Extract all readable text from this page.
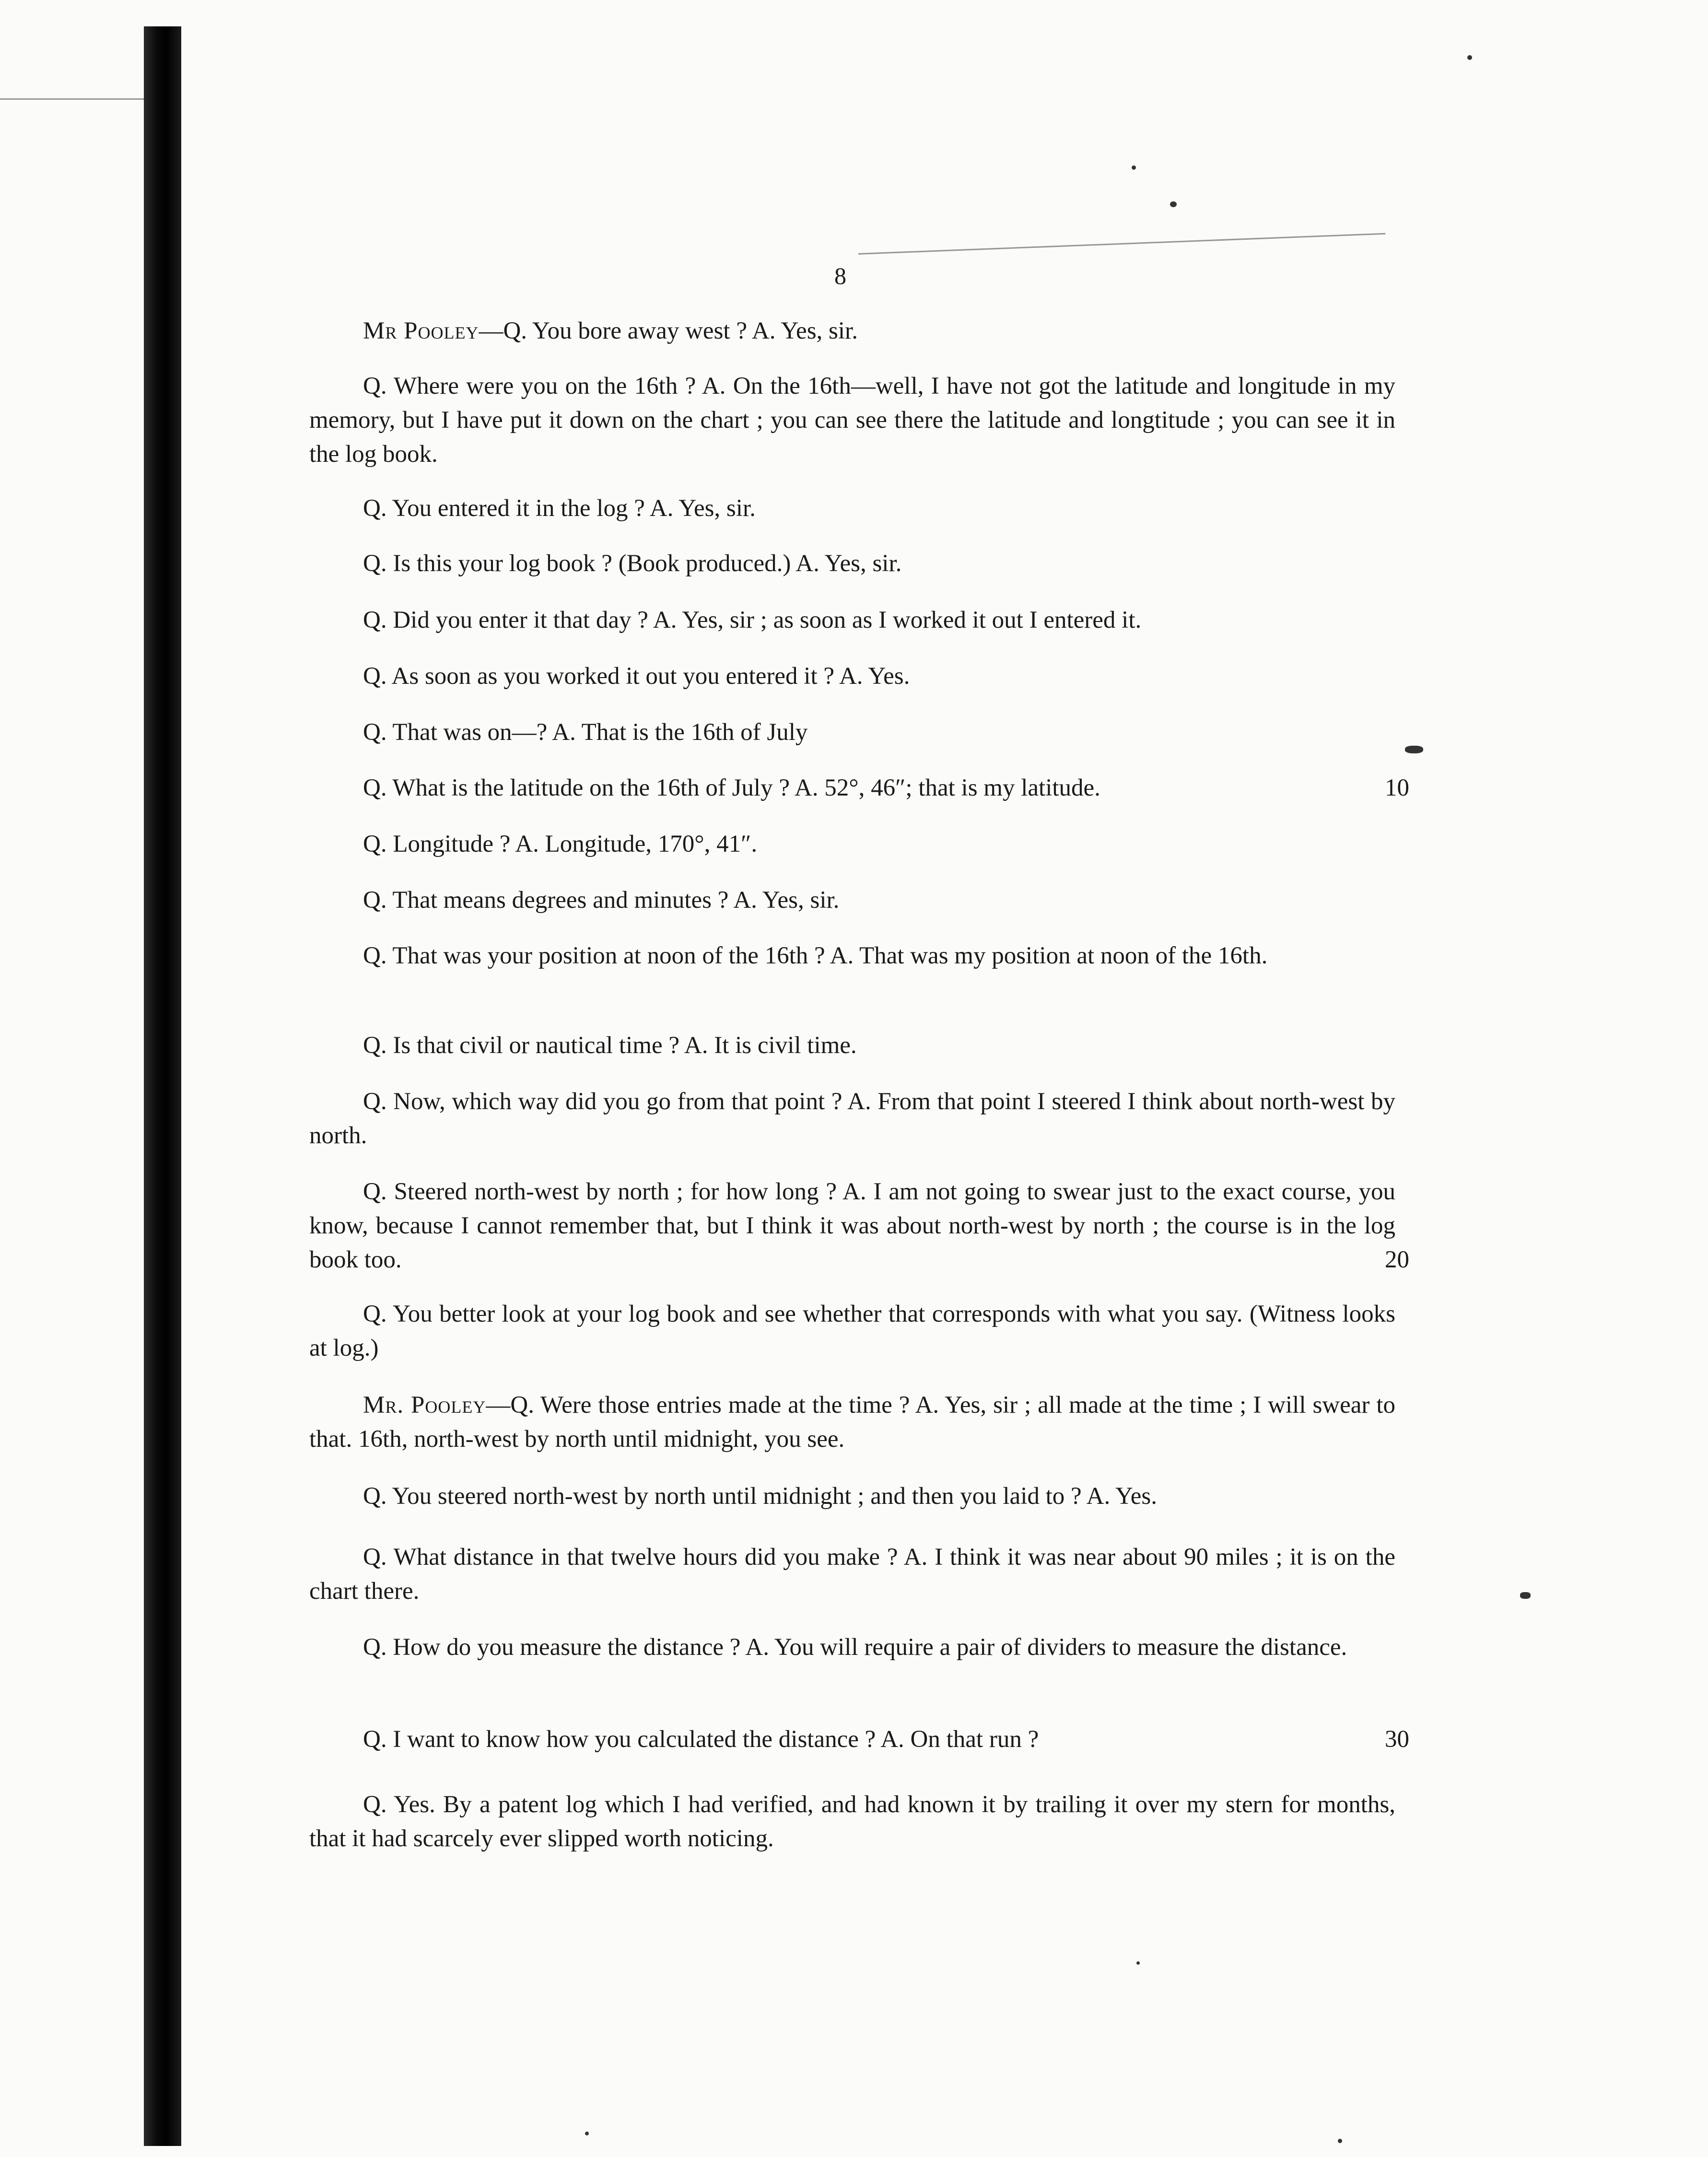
8

Mr Pooley—Q. You bore away west ? A. Yes, sir.

Q. Where were you on the 16th ? A. On the 16th—well, I have not got the latitude and longitude in my memory, but I have put it down on the chart ; you can see there the latitude and longtitude ; you can see it in the log book.

Q. You entered it in the log ? A. Yes, sir.

Q. Is this your log book ? (Book produced.) A. Yes, sir.

Q. Did you enter it that day ? A. Yes, sir ; as soon as I worked it out I entered it.

Q. As soon as you worked it out you entered it ? A. Yes.

Q. That was on—? A. That is the 16th of July

Q. What is the latitude on the 16th of July ? A. 52°, 46″; that is my latitude.	10

Q. Longitude ? A. Longitude, 170°, 41″.

Q. That means degrees and minutes ? A. Yes, sir.

Q. That was your position at noon of the 16th ? A. That was my position at noon of the 16th.

Q. Is that civil or nautical time ? A. It is civil time.

Q. Now, which way did you go from that point ? A. From that point I steered I think about north-west by north.

Q. Steered north-west by north ; for how long ? A. I am not going to swear just to the exact course, you know, because I cannot remember that, but I think it was about north-west by north ; the course is in the log book too.	20

Q. You better look at your log book and see whether that corresponds with what you say. (Witness looks at log.)

Mr. Pooley—Q. Were those entries made at the time ? A. Yes, sir ; all made at the time ; I will swear to that. 16th, north-west by north until midnight, you see.

Q. You steered north-west by north until midnight ; and then you laid to ? A. Yes.

Q. What distance in that twelve hours did you make ? A. I think it was near about 90 miles ; it is on the chart there.

Q. How do you measure the distance ? A. You will require a pair of dividers to measure the distance.

Q. I want to know how you calculated the distance ? A. On that run ?	30

Q. Yes. By a patent log which I had verified, and had known it by trailing it over my stern for months, that it had scarcely ever slipped worth noticing.
